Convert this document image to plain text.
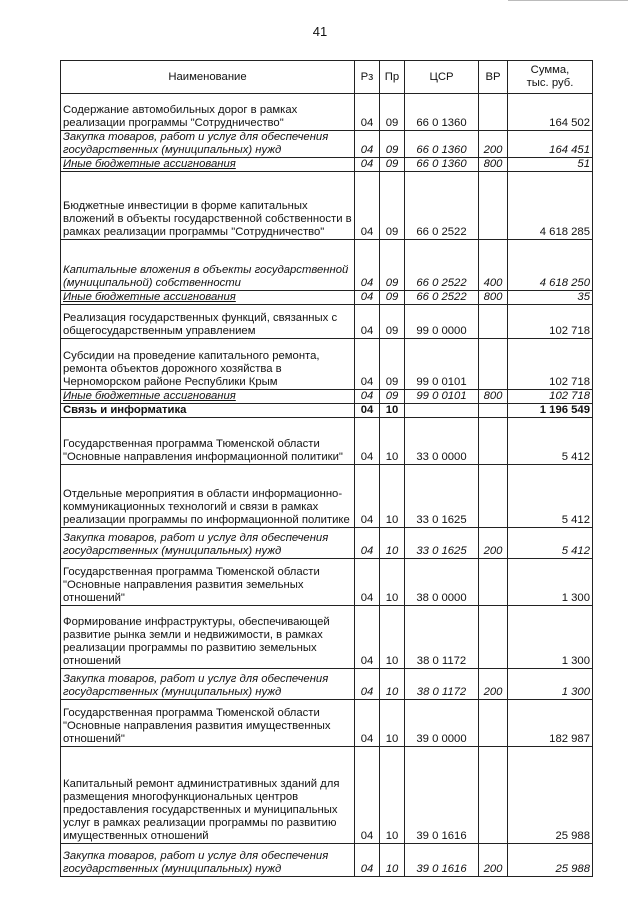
41
Наименование	Рз	Пр	ЦСР	ВР	Сумма,
тыс. руб.

Содержание автомобильных дорог в рамках реализации программы "Сотрудничество"	04	09	66 0 1360		164 502
Закупка товаров, работ и услуг для обеспечения государственных (муниципальных) нужд	04	09	66 0 1360	200	164 451
Иные бюджетные ассигнования	04	09	66 0 1360	800	51
Бюджетные инвестиции в форме капитальных вложений в объекты государственной собственности в рамках реализации программы "Сотрудничество"	04	09	66 0 2522		4 618 285
Капитальные вложения в объекты государственной (муниципальной) собственности	04	09	66 0 2522	400	4 618 250
Иные бюджетные ассигнования	04	09	66 0 2522	800	35
Реализация государственных функций, связанных с общегосударственным управлением	04	09	99 0 0000		102 718
Субсидии на проведение капитального ремонта, ремонта объектов дорожного хозяйства в Черноморском районе Республики Крым	04	09	99 0 0101		102 718
Иные бюджетные ассигнования	04	09	99 0 0101	800	102 718
Связь и информатика	04	10			1 196 549
Государственная программа Тюменской области "Основные направления информационной политики"	04	10	33 0 0000		5 412
Отдельные мероприятия в области информационно-коммуникационных технологий и связи в рамках реализации программы по информационной политике	04	10	33 0 1625		5 412
Закупка товаров, работ и услуг для обеспечения государственных (муниципальных) нужд	04	10	33 0 1625	200	5 412
Государственная программа Тюменской области "Основные направления развития земельных отношений"	04	10	38 0 0000		1 300
Формирование инфраструктуры, обеспечивающей развитие рынка земли и недвижимости, в рамках реализации программы по развитию земельных отношений	04	10	38 0 1172		1 300
Закупка товаров, работ и услуг для обеспечения государственных (муниципальных) нужд	04	10	38 0 1172	200	1 300
Государственная программа Тюменской области "Основные направления развития имущественных отношений"	04	10	39 0 0000		182 987
Капитальный ремонт административных зданий для размещения многофункциональных центров предоставления государственных и муниципальных услуг в рамках реализации программы по развитию имущественных отношений	04	10	39 0 1616		25 988
Закупка товаров, работ и услуг для обеспечения государственных (муниципальных) нужд	04	10	39 0 1616	200	25 988
